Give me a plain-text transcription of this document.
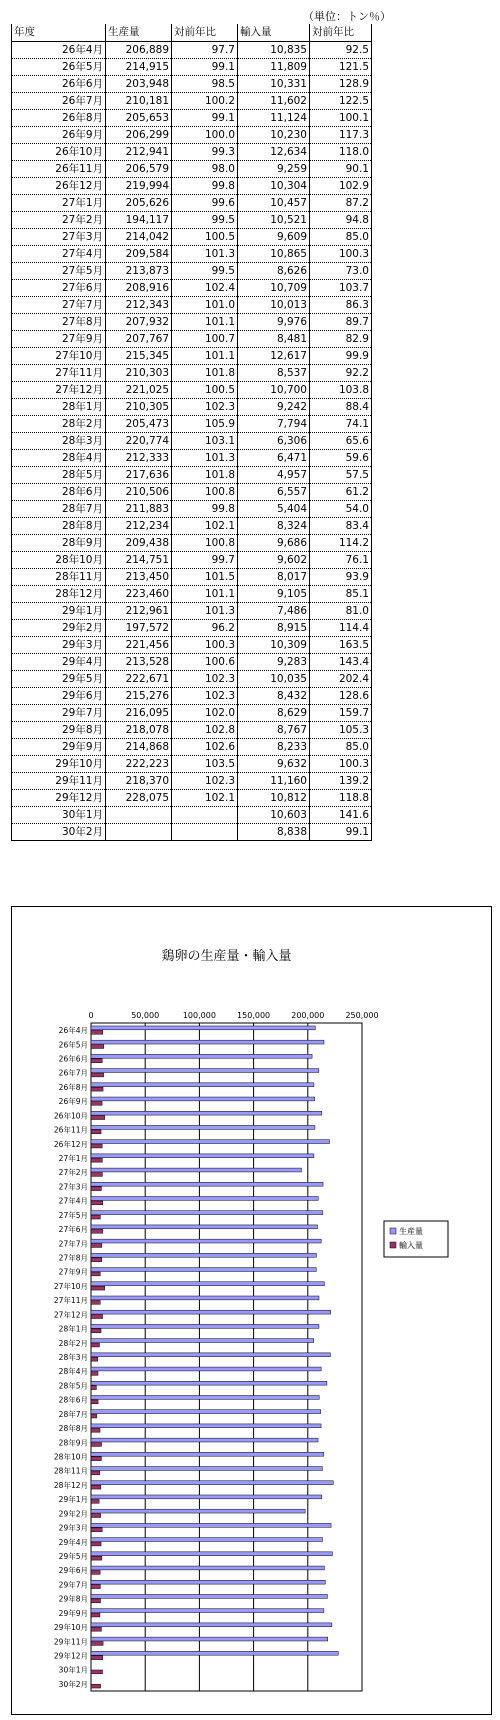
（単位：トン％）
年度	生産量	対前年比	輸入量	対前年比
26年4月	206,889	97.7	10,835	92.5
26年5月	214,915	99.1	11,809	121.5
26年6月	203,948	98.5	10,331	128.9
26年7月	210,181	100.2	11,602	122.5
26年8月	205,653	99.1	11,124	100.1
26年9月	206,299	100.0	10,230	117.3
26年10月	212,941	99.3	12,634	118.0
26年11月	206,579	98.0	9,259	90.1
26年12月	219,994	99.8	10,304	102.9
27年1月	205,626	99.6	10,457	87.2
27年2月	194,117	99.5	10,521	94.8
27年3月	214,042	100.5	9,609	85.0
27年4月	209,584	101.3	10,865	100.3
27年5月	213,873	99.5	8,626	73.0
27年6月	208,916	102.4	10,709	103.7
27年7月	212,343	101.0	10,013	86.3
27年8月	207,932	101.1	9,976	89.7
27年9月	207,767	100.7	8,481	82.9
27年10月	215,345	101.1	12,617	99.9
27年11月	210,303	101.8	8,537	92.2
27年12月	221,025	100.5	10,700	103.8
28年1月	210,305	102.3	9,242	88.4
28年2月	205,473	105.9	7,794	74.1
28年3月	220,774	103.1	6,306	65.6
28年4月	212,333	101.3	6,471	59.6
28年5月	217,636	101.8	4,957	57.5
28年6月	210,506	100.8	6,557	61.2
28年7月	211,883	99.8	5,404	54.0
28年8月	212,234	102.1	8,324	83.4
28年9月	209,438	100.8	9,686	114.2
28年10月	214,751	99.7	9,602	76.1
28年11月	213,450	101.5	8,017	93.9
28年12月	223,460	101.1	9,105	85.1
29年1月	212,961	101.3	7,486	81.0
29年2月	197,572	96.2	8,915	114.4
29年3月	221,456	100.3	10,309	163.5
29年4月	213,528	100.6	9,283	143.4
29年5月	222,671	102.3	10,035	202.4
29年6月	215,276	102.3	8,432	128.6
29年7月	216,095	102.0	8,629	159.7
29年8月	218,078	102.8	8,767	105.3
29年9月	214,868	102.6	8,233	85.0
29年10月	222,223	103.5	9,632	100.3
29年11月	218,370	102.3	11,160	139.2
29年12月	228,075	102.1	10,812	118.8
30年1月			10,603	141.6
30年2月			8,838	99.1
鶏卵の生産量・輸入量
0	50,000	100,000	150,000	200,000	250,000
26年4月
26年5月
26年6月
26年7月
26年8月
26年9月
26年10月
26年11月
26年12月
27年1月
27年2月
27年3月
27年4月
27年5月
27年6月
27年7月
27年8月
27年9月
27年10月
27年11月
27年12月
28年1月
28年2月
28年3月
28年4月
28年5月
28年6月
28年7月
28年8月
28年9月
28年10月
28年11月
28年12月
29年1月
29年2月
29年3月
29年4月
29年5月
29年6月
29年7月
29年8月
29年9月
29年10月
29年11月
29年12月
30年1月
30年2月
生産量
輸入量
